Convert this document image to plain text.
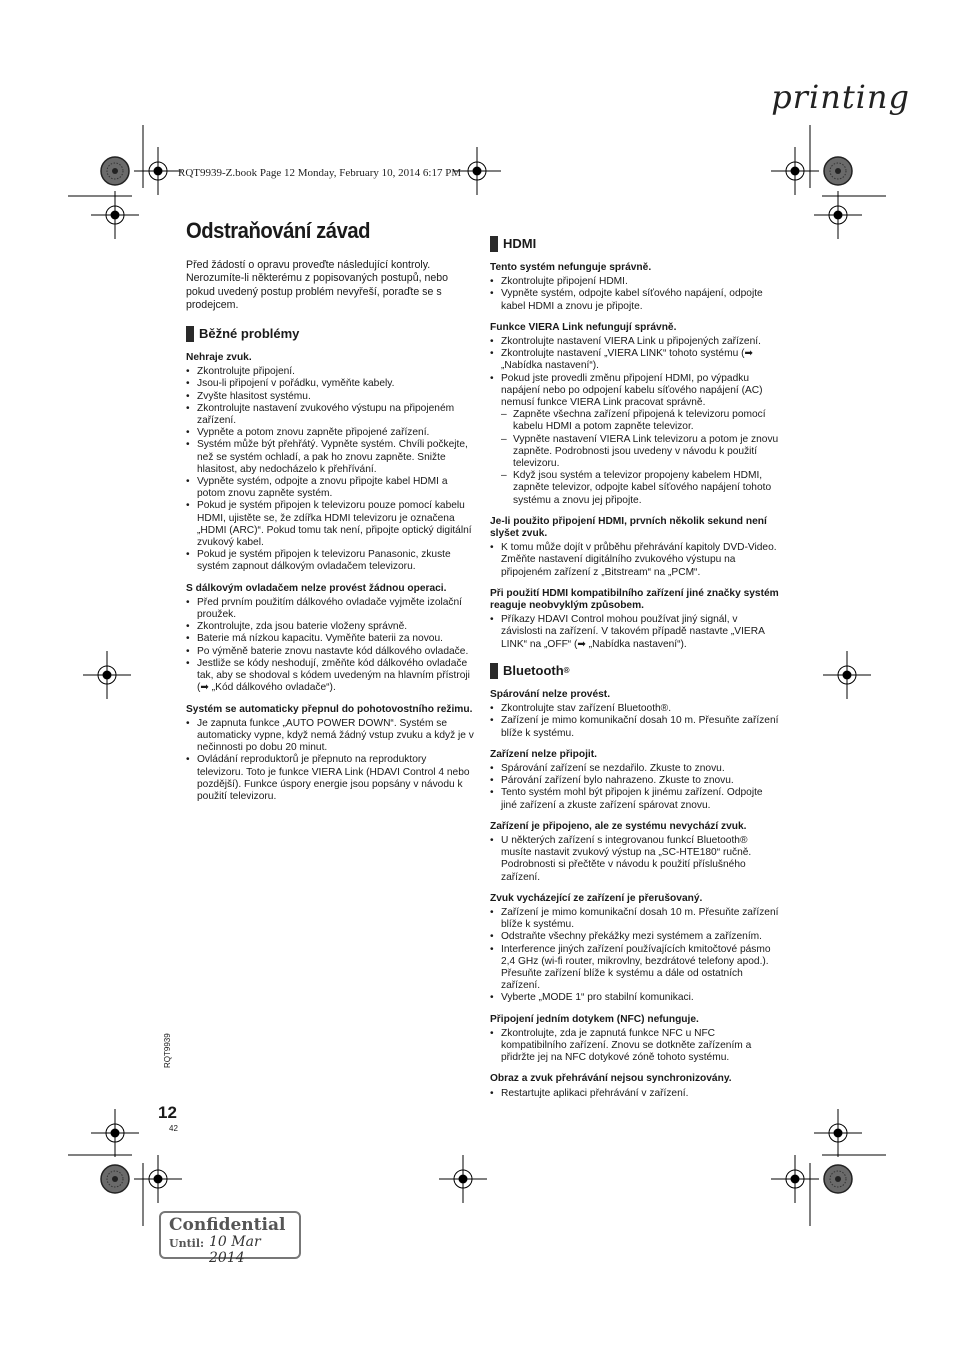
printing
RQT9939-Z.book Page 12 Monday, February 10, 2014 6:17 PM
Odstraňování závad

Před žádostí o opravu proveďte následující kontroly. Nerozumíte-li některému z popisovaných postupů, nebo pokud uvedený postup problém nevyřeší, poraďte se s prodejcem.

Běžné problémy
Nehraje zvuk.
• Zkontrolujte připojení.
• Jsou-li připojení v pořádku, vyměňte kabely.
• Zvyšte hlasitost systému.
• Zkontrolujte nastavení zvukového výstupu na připojeném zařízení.
• Vypněte a potom znovu zapněte připojené zařízení.
• Systém může být přehřátý. Vypněte systém. Chvíli počkejte, než se systém ochladí, a pak ho znovu zapněte. Snižte hlasitost, aby nedocházelo k přehřívání.
• Vypněte systém, odpojte a znovu připojte kabel HDMI a potom znovu zapněte systém.
• Pokud je systém připojen k televizoru pouze pomocí kabelu HDMI, ujistěte se, že zdířka HDMI televizoru je označena „HDMI (ARC)“. Pokud tomu tak není, připojte optický digitální zvukový kabel.
• Pokud je systém připojen k televizoru Panasonic, zkuste systém zapnout dálkovým ovladačem televizoru.
S dálkovým ovladačem nelze provést žádnou operaci.
• Před prvním použitím dálkového ovladače vyjměte izolační proužek.
• Zkontrolujte, zda jsou baterie vloženy správně.
• Baterie má nízkou kapacitu. Vyměňte baterii za novou.
• Po výměně baterie znovu nastavte kód dálkového ovladače.
• Jestliže se kódy neshodují, změňte kód dálkového ovladače tak, aby se shodoval s kódem uvedeným na hlavním přístroji (➡ „Kód dálkového ovladače“).
Systém se automaticky přepnul do pohotovostního režimu.
• Je zapnuta funkce „AUTO POWER DOWN“. Systém se automaticky vypne, když nemá žádný vstup zvuku a když je v nečinnosti po dobu 20 minut.
• Ovládání reproduktorů je přepnuto na reproduktory televizoru. Toto je funkce VIERA Link (HDAVI Control 4 nebo pozdější). Funkce úspory energie jsou popsány v návodu k použití televizoru.
HDMI
Tento systém nefunguje správně.
• Zkontrolujte připojení HDMI.
• Vypněte systém, odpojte kabel síťového napájení, odpojte kabel HDMI a znovu je připojte.
Funkce VIERA Link nefungují správně.
• Zkontrolujte nastavení VIERA Link u připojených zařízení.
• Zkontrolujte nastavení „VIERA LINK“ tohoto systému (➡ „Nabídka nastavení“).
• Pokud jste provedli změnu připojení HDMI, po výpadku napájení nebo po odpojení kabelu síťového napájení (AC) nemusí funkce VIERA Link pracovat správně.
– Zapněte všechna zařízení připojená k televizoru pomocí kabelu HDMI a potom zapněte televizor.
– Vypněte nastavení VIERA Link televizoru a potom je znovu zapněte. Podrobnosti jsou uvedeny v návodu k použití televizoru.
– Když jsou systém a televizor propojeny kabelem HDMI, zapněte televizor, odpojte kabel síťového napájení tohoto systému a znovu jej připojte.
Je-li použito připojení HDMI, prvních několik sekund není slyšet zvuk.
• K tomu může dojít v průběhu přehrávání kapitoly DVD-Video. Změňte nastavení digitálního zvukového výstupu na připojeném zařízení z „Bitstream“ na „PCM“.
Při použití HDMI kompatibilního zařízení jiné značky systém reaguje neobvyklým způsobem.
• Příkazy HDAVI Control mohou používat jiný signál, v závislosti na zařízení. V takovém případě nastavte „VIERA LINK“ na „OFF“ (➡ „Nabídka nastavení“).
Bluetooth ®
Spárování nelze provést.
• Zkontrolujte stav zařízení Bluetooth®.
• Zařízení je mimo komunikační dosah 10 m. Přesuňte zařízení blíže k systému.
Zařízení nelze připojit.
• Spárování zařízení se nezdařilo. Zkuste to znovu.
• Párování zařízení bylo nahrazeno. Zkuste to znovu.
• Tento systém mohl být připojen k jinému zařízení. Odpojte jiné zařízení a zkuste zařízení spárovat znovu.
Zařízení je připojeno, ale ze systému nevychází zvuk.
• U některých zařízení s integrovanou funkcí Bluetooth® musíte nastavit zvukový výstup na „SC-HTE180“ ručně. Podrobnosti si přečtěte v návodu k použití příslušného zařízení.
Zvuk vycházející ze zařízení je přerušovaný.
• Zařízení je mimo komunikační dosah 10 m. Přesuňte zařízení blíže k systému.
• Odstraňte všechny překážky mezi systémem a zařízením.
• Interference jiných zařízení používajících kmitočtové pásmo 2,4 GHz (wi-fi router, mikrovlny, bezdrátové telefony apod.). Přesuňte zařízení blíže k systému a dále od ostatních zařízení.
• Vyberte „MODE 1“ pro stabilní komunikaci.
Připojení jedním dotykem (NFC) nefunguje.
• Zkontrolujte, zda je zapnutá funkce NFC u NFC kompatibilního zařízení. Znovu se dotkněte zařízením a přidržte jej na NFC dotykové zóně tohoto systému.
Obraz a zvuk přehrávání nejsou synchronizovány.
• Restartujte aplikaci přehrávání v zařízení.
RQT9939
12
42
Confidential
Until: 10 Mar 2014
